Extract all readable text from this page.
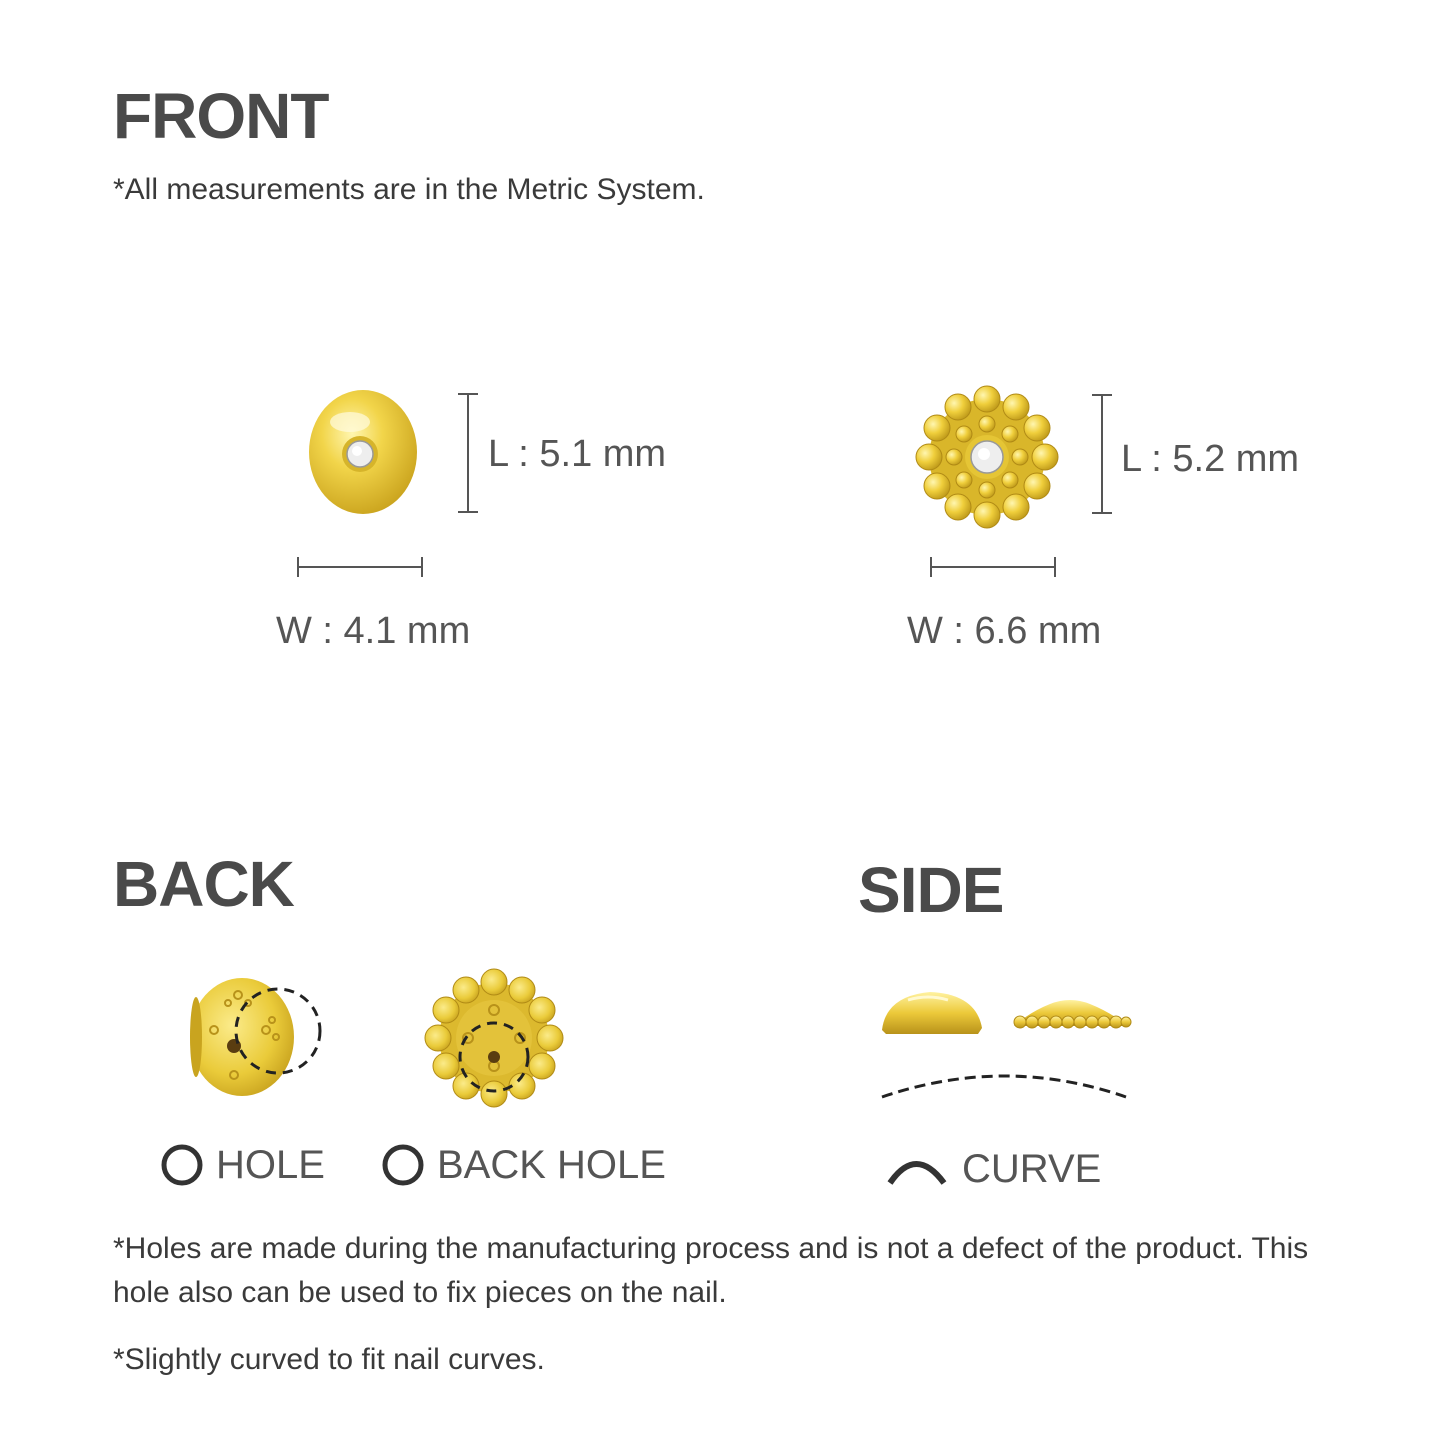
FRONT
*All measurements are in the Metric System.
L : 5.1 mm
W : 4.1 mm
L : 5.2 mm
W : 6.6 mm
BACK
HOLE	BACK HOLE
SIDE
CURVE
*Holes are made during the manufacturing process and is not a defect of the product. This hole also can be used to fix pieces on the nail.
*Slightly curved to fit nail curves.
